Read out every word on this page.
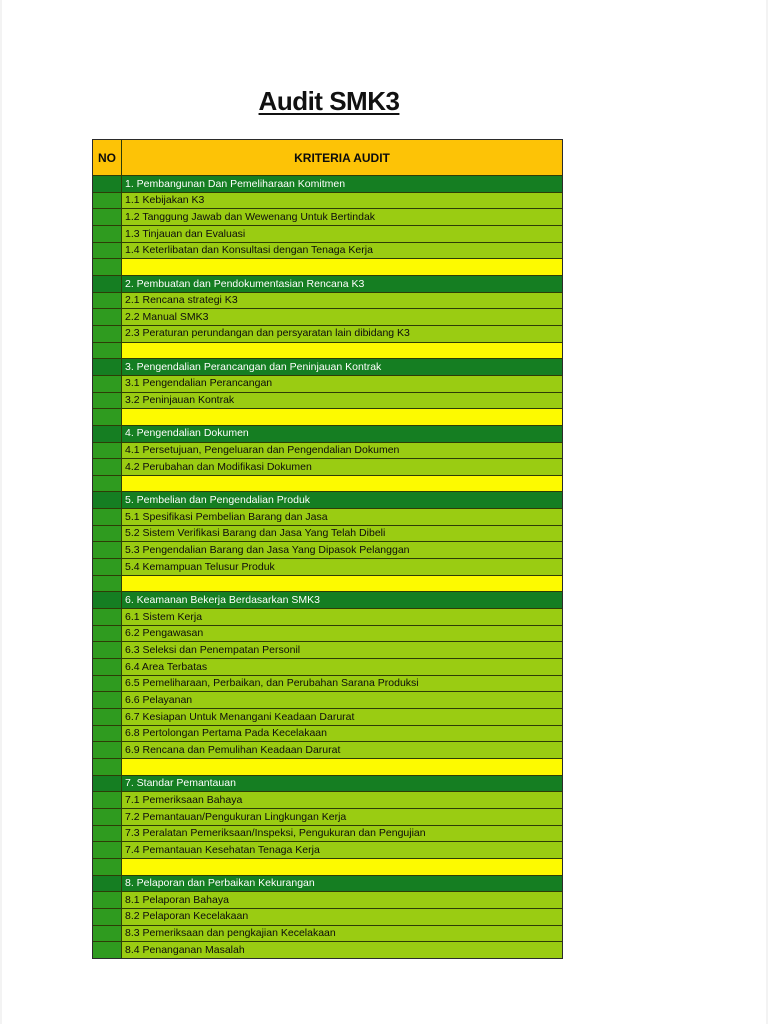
Audit SMK3
NO	KRITERIA AUDIT
1. Pembangunan Dan Pemeliharaan Komitmen
1.1 Kebijakan K3
1.2 Tanggung Jawab dan Wewenang Untuk Bertindak
1.3 Tinjauan dan Evaluasi
1.4 Keterlibatan dan Konsultasi dengan Tenaga Kerja
2. Pembuatan dan Pendokumentasian Rencana K3
2.1 Rencana strategi K3
2.2 Manual SMK3
2.3 Peraturan perundangan dan persyaratan lain dibidang K3
3. Pengendalian Perancangan dan Peninjauan Kontrak
3.1 Pengendalian Perancangan
3.2 Peninjauan Kontrak
4. Pengendalian Dokumen
4.1 Persetujuan, Pengeluaran dan Pengendalian Dokumen
4.2 Perubahan dan Modifikasi Dokumen
5. Pembelian dan Pengendalian Produk
5.1 Spesifikasi Pembelian Barang dan Jasa
5.2 Sistem Verifikasi Barang dan Jasa Yang Telah Dibeli
5.3 Pengendalian Barang dan Jasa Yang Dipasok Pelanggan
5.4 Kemampuan Telusur Produk
6. Keamanan Bekerja Berdasarkan SMK3
6.1 Sistem Kerja
6.2 Pengawasan
6.3 Seleksi dan Penempatan Personil
6.4 Area Terbatas
6.5 Pemeliharaan, Perbaikan, dan Perubahan Sarana Produksi
6.6 Pelayanan
6.7 Kesiapan Untuk Menangani Keadaan Darurat
6.8 Pertolongan Pertama Pada Kecelakaan
6.9 Rencana dan Pemulihan Keadaan Darurat
7. Standar Pemantauan
7.1 Pemeriksaan Bahaya
7.2 Pemantauan/Pengukuran Lingkungan Kerja
7.3 Peralatan Pemeriksaan/Inspeksi, Pengukuran dan Pengujian
7.4 Pemantauan Kesehatan Tenaga Kerja
8. Pelaporan dan Perbaikan Kekurangan
8.1 Pelaporan Bahaya
8.2 Pelaporan Kecelakaan
8.3 Pemeriksaan dan pengkajian Kecelakaan
8.4 Penanganan Masalah
